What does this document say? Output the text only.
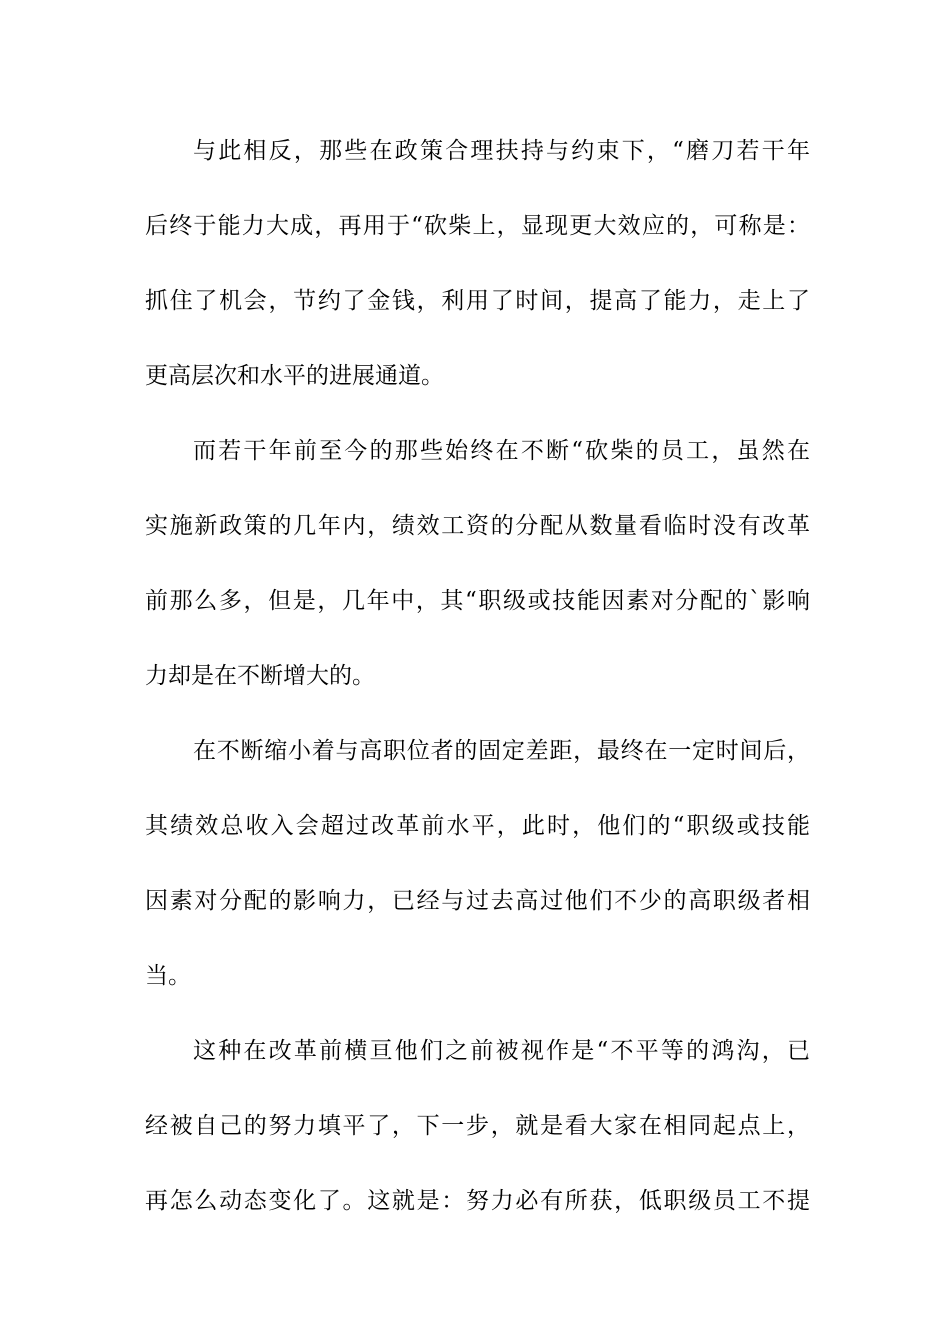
与此相反，那些在政策合理扶持与约束下，“磨刀若干年
后终于能力大成，再用于“砍柴上，显现更大效应的，可称是：
抓住了机会，节约了金钱，利用了时间，提高了能力，走上了
更高层次和水平的进展通道。
而若干年前至今的那些始终在不断“砍柴的员工，虽然在
实施新政策的几年内，绩效工资的分配从数量看临时没有改革
前那么多，但是，几年中，其“职级或技能因素对分配的`影响
力却是在不断增大的。
在不断缩小着与高职位者的固定差距，最终在一定时间后，
其绩效总收入会超过改革前水平，此时，他们的“职级或技能
因素对分配的影响力，已经与过去高过他们不少的高职级者相
当。
这种在改革前横亘他们之前被视作是“不平等的鸿沟，已
经被自己的努力填平了，下一步，就是看大家在相同起点上，
再怎么动态变化了。这就是：努力必有所获，低职级员工不提
